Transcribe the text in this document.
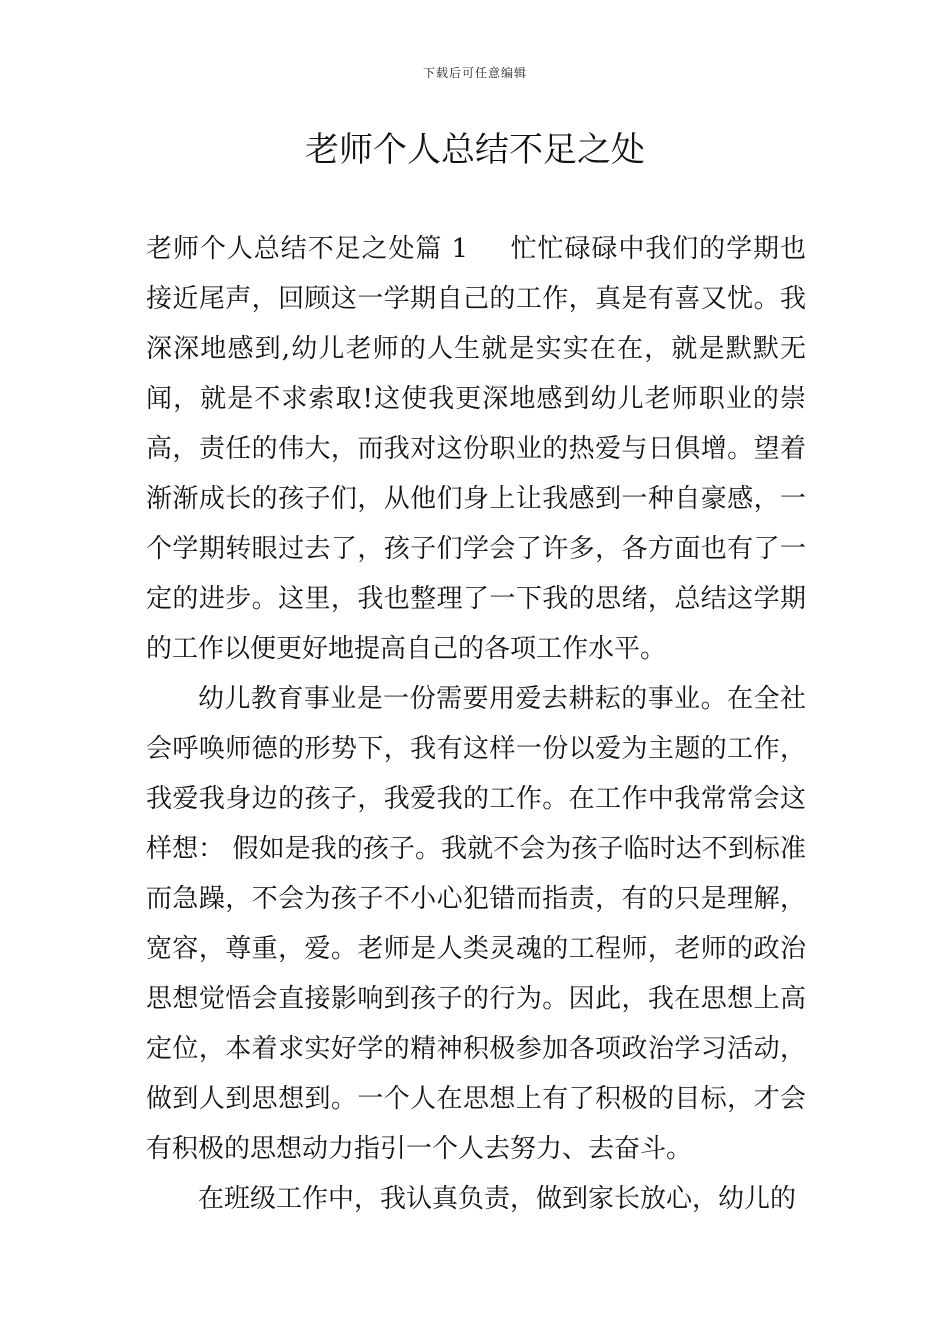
下载后可任意编辑
老师个人总结不足之处

老师个人总结不足之处篇 1 忙忙碌碌中我们的学期也接近尾声，回顾这一学期自己的工作，真是有喜又忧。我深深地感到,幼儿老师的人生就是实实在在，就是默默无闻，就是不求索取!这使我更深地感到幼儿老师职业的崇高，责任的伟大，而我对这份职业的热爱与日俱增。望着渐渐成长的孩子们，从他们身上让我感到一种自豪感，一个学期转眼过去了，孩子们学会了许多，各方面也有了一定的进步。这里，我也整理了一下我的思绪，总结这学期的工作以便更好地提高自己的各项工作水平。

幼儿教育事业是一份需要用爱去耕耘的事业。在全社会呼唤师德的形势下，我有这样一份以爱为主题的工作，我爱我身边的孩子，我爱我的工作。在工作中我常常会这样想： 假如是我的孩子。我就不会为孩子临时达不到标准而急躁，不会为孩子不小心犯错而指责，有的只是理解，宽容，尊重，爱。老师是人类灵魂的工程师，老师的政治思想觉悟会直接影响到孩子的行为。因此，我在思想上高定位，本着求实好学的精神积极参加各项政治学习活动，做到人到思想到。一个人在思想上有了积极的目标，才会有积极的思想动力指引一个人去努力、去奋斗。

在班级工作中，我认真负责，做到家长放心，幼儿的
